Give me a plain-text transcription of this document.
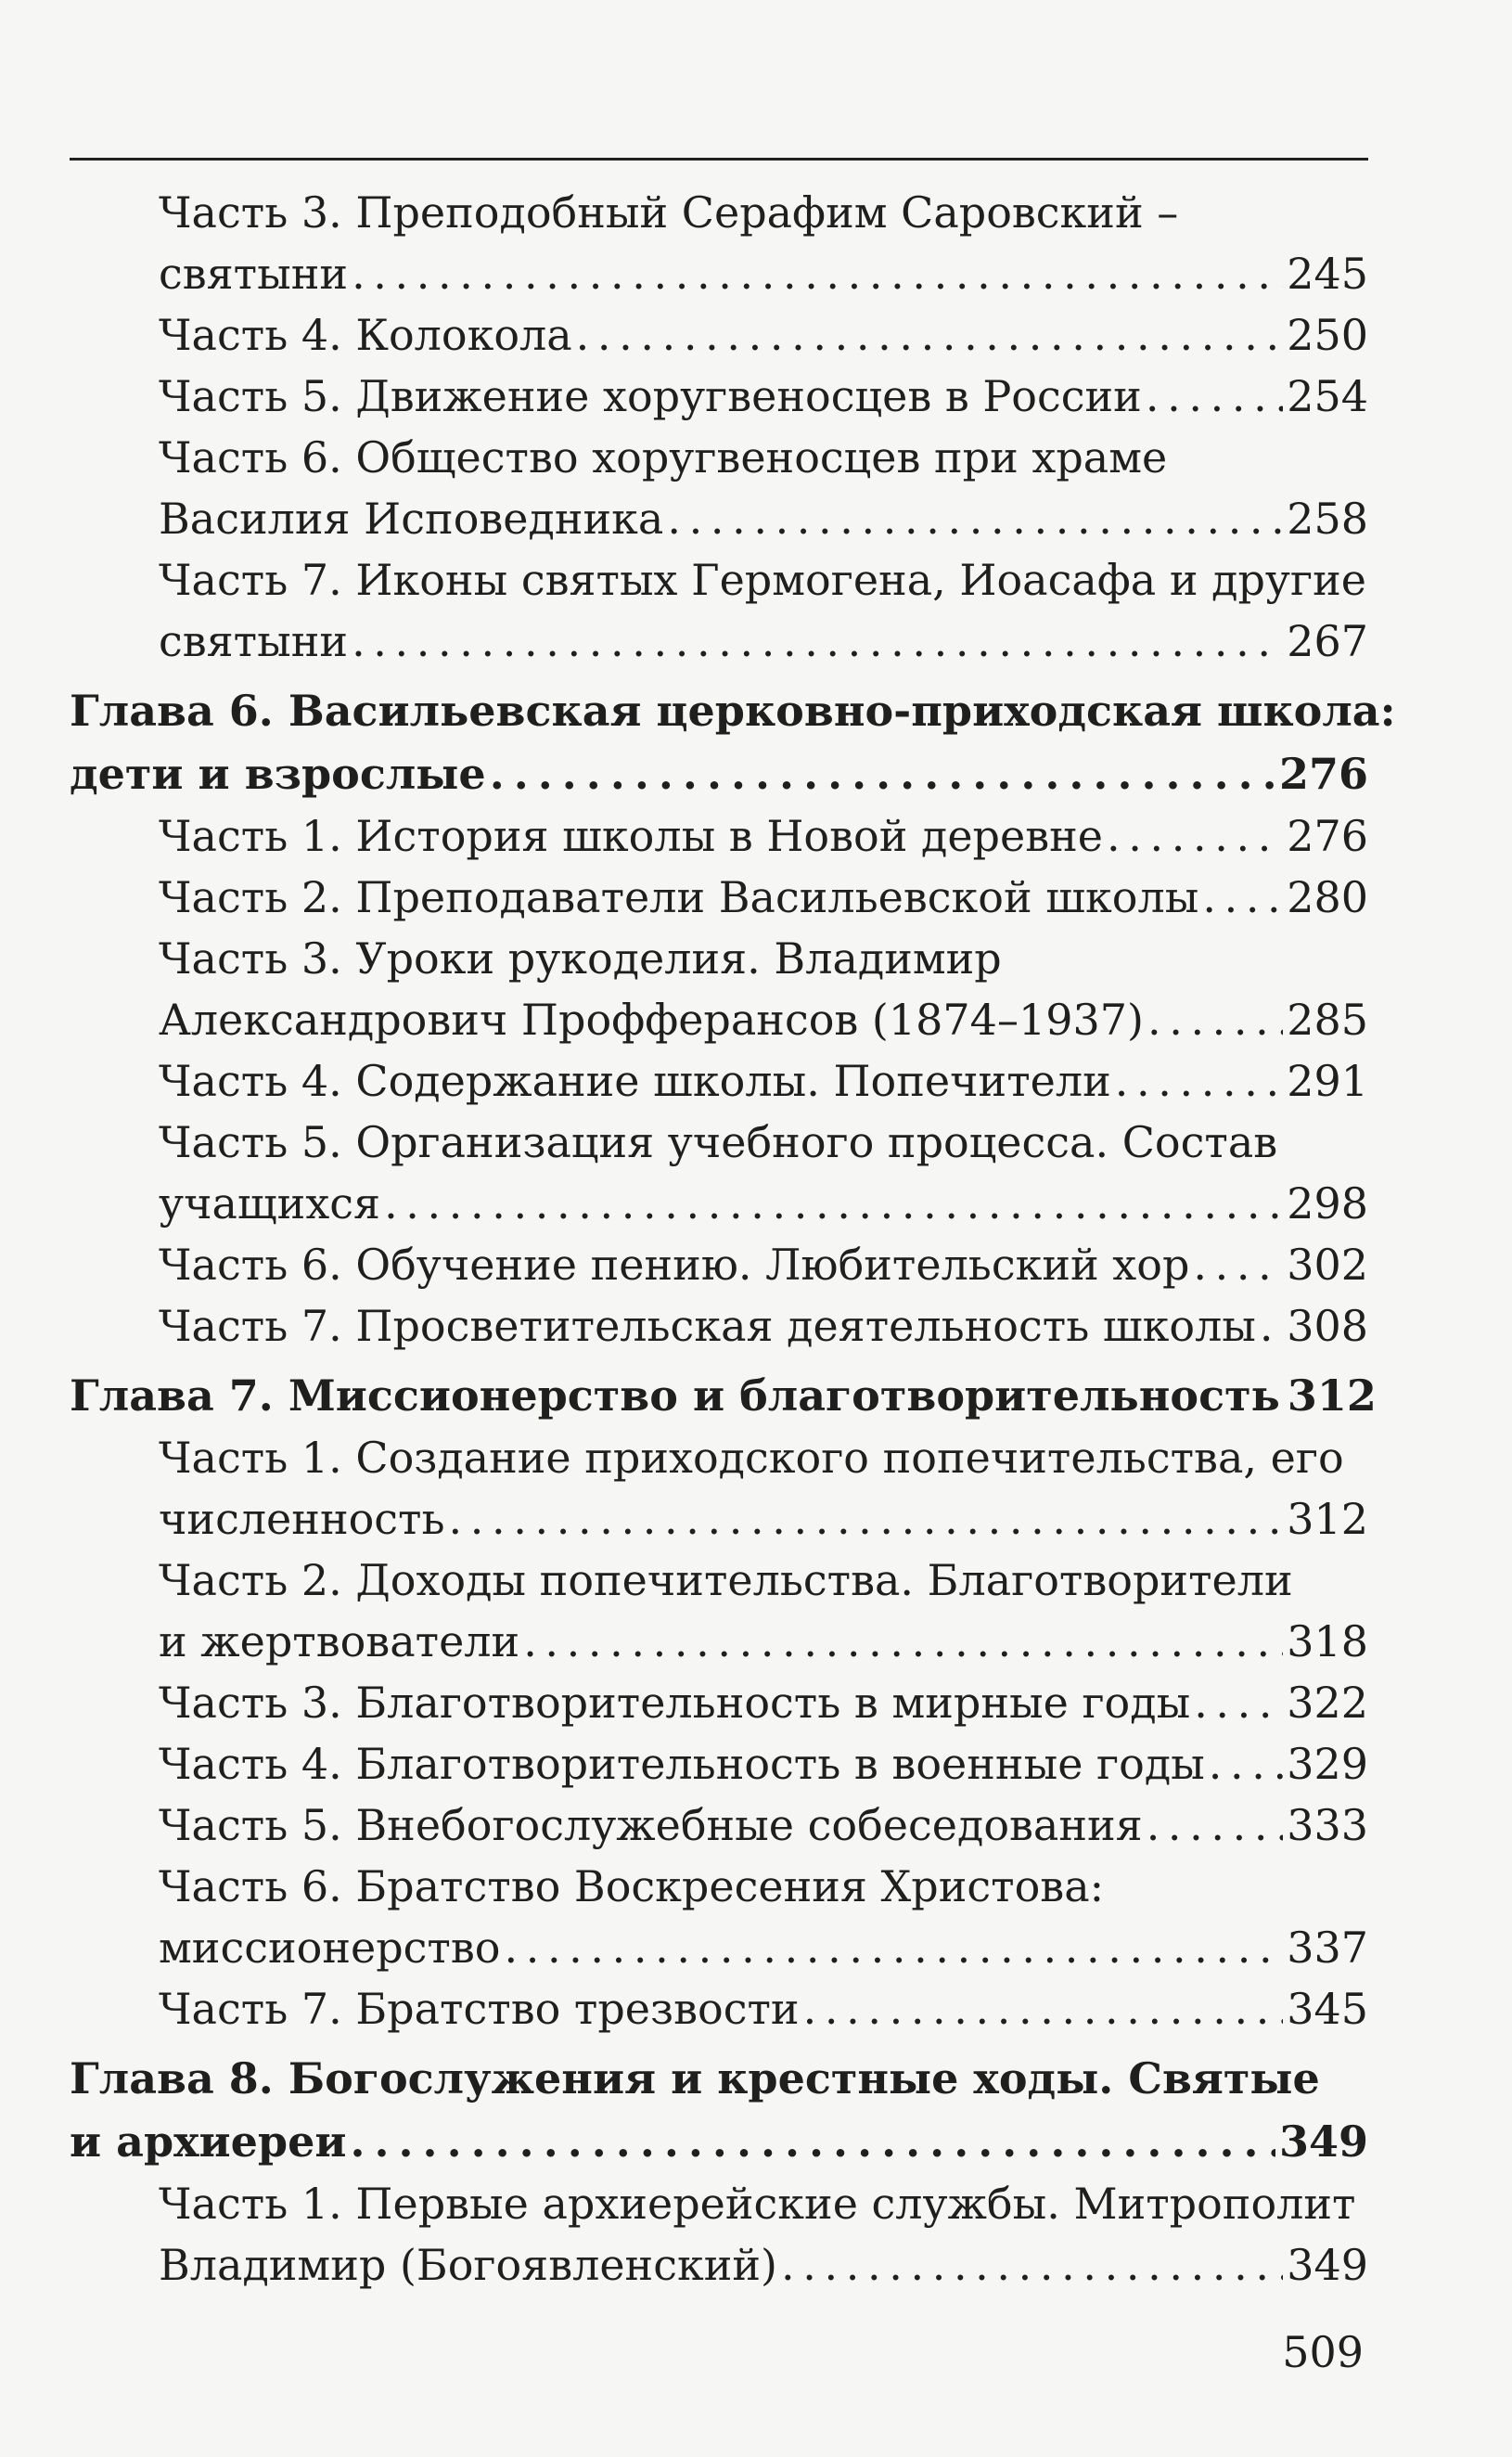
Часть 3. Преподобный Серафим Саровский –
святыни . . .	245
Часть 4. Колокола . . .	250
Часть 5. Движение хоругвеносцев в России . . .	254
Часть 6. Общество хоругвеносцев при храме
Василия Исповедника . . .	258
Часть 7. Иконы святых Гермогена, Иоасафа и другие
святыни . . .	267
Глава 6. Васильевская церковно-приходская школа:
дети и взрослые . . .	276
Часть 1. История школы в Новой деревне . . .	276
Часть 2. Преподаватели Васильевской школы . . . 280
Часть 3. Уроки рукоделия. Владимир
Александрович Профферансов (1874–1937) . . .	285
Часть 4. Содержание школы. Попечители . . .	291
Часть 5. Организация учебного процесса. Состав
учащихся . . .	298
Часть 6. Обучение пению. Любительский хор . . . 302
Часть 7. Просветительская деятельность школы . . . 308
Глава 7. Миссионерство и благотворительность 312
Часть 1. Создание приходского попечительства, его
численность . . .	312
Часть 2. Доходы попечительства. Благотворители
и жертвователи . . .	318
Часть 3. Благотворительность в мирные годы . . . 322
Часть 4. Благотворительность в военные годы . . . 329
Часть 5. Внебогослужебные собеседования . . .	333
Часть 6. Братство Воскресения Христова:
миссионерство . . .	337
Часть 7. Братство трезвости . . .	345
Глава 8. Богослужения и крестные ходы. Святые
и архиереи . . .	349
Часть 1. Первые архиерейские службы. Митрополит
Владимир (Богоявленский) . . .	349
509
